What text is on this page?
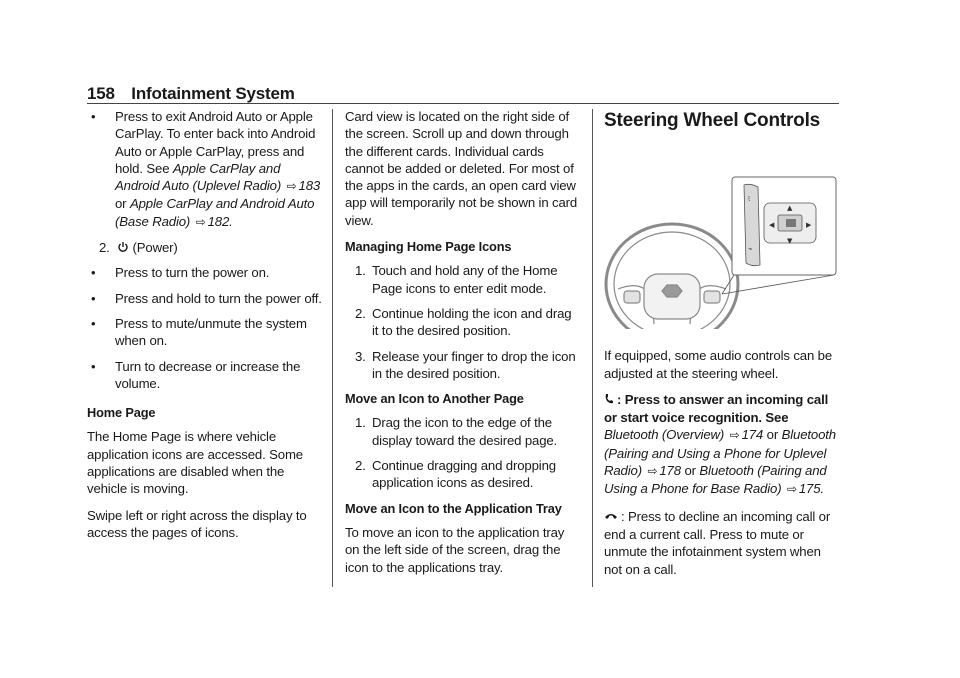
158 Infotainment System
• Press to exit Android Auto or Apple CarPlay. To enter back into Android Auto or Apple CarPlay, press and hold. See Apple CarPlay and Android Auto (Uplevel Radio) ⇨ 183 or Apple CarPlay and Android Auto (Base Radio) ⇨ 182.
2. (Power)
• Press to turn the power on.
• Press and hold to turn the power off.
• Press to mute/unmute the system when on.
• Turn to decrease or increase the volume.
Home Page

The Home Page is where vehicle application icons are accessed. Some applications are disabled when the vehicle is moving.

Swipe left or right across the display to access the pages of icons.

Card view is located on the right side of the screen. Scroll up and down through the different cards. Individual cards cannot be added or deleted. For most of the apps in the cards, an open card view app will temporarily not be shown in card view.

Managing Home Page Icons
1. Touch and hold any of the Home Page icons to enter edit mode.
2. Continue holding the icon and drag it to the desired position.
3. Release your finger to drop the icon in the desired position.
Move an Icon to Another Page
1. Drag the icon to the edge of the display toward the desired page.
2. Continue dragging and dropping application icons as desired.
Move an Icon to the Application Tray

To move an icon to the application tray on the left side of the screen, drag the icon to the applications tray.

Steering Wheel Controls
ﾐ
⌁
◀	▶
▲
▼

If equipped, some audio controls can be adjusted at the steering wheel.

: Press to answer an incoming call or start voice recognition. See Bluetooth (Overview) ⇨ 174 or Bluetooth (Pairing and Using a Phone for Uplevel Radio) ⇨ 178 or Bluetooth (Pairing and Using a Phone for Base Radio) ⇨ 175.

: Press to decline an incoming call or end a current call. Press to mute or unmute the infotainment system when not on a call.
